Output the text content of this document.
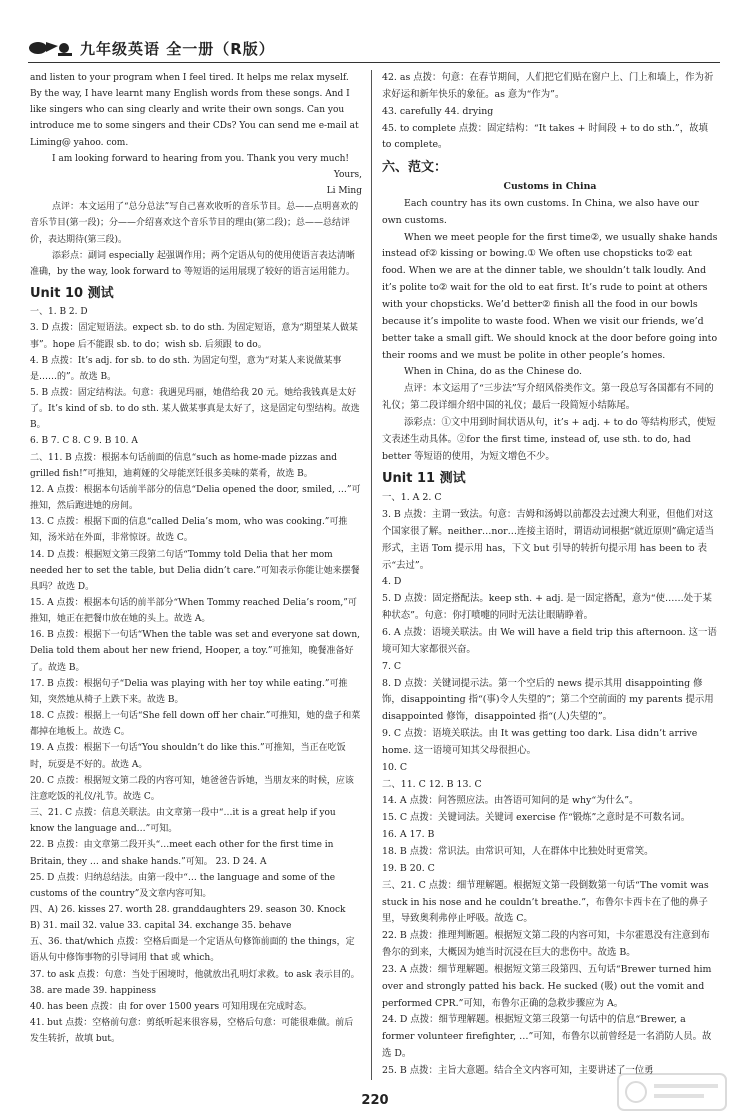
九年级英语 全一册（R版）

and listen to your program when I feel tired. It helps me relax myself. By the way, I have learnt many English words from these songs. And I like singers who can sing clearly and write their own songs. Can you introduce me to some singers and their CDs? You can send me e-mail at Liming@ yahoo. com.

I am looking forward to hearing from you. Thank you very much!

Yours,

Li Ming

点评：本文运用了“总分总法”写自己喜欢收听的音乐节目。总——点明喜欢的音乐节目(第一段)；分——介绍喜欢这个音乐节目的理由(第二段)；总——总结评价，表达期待(第三段)。

添彩点：副词 especially 起强调作用；两个定语从句的使用使语言表达清晰准确，by the way, look forward to 等短语的运用展现了较好的语言运用能力。

Unit 10 测试

一、1. B 2. D

3. D 点拨：固定短语法。expect sb. to do sth. 为固定短语，意为“期望某人做某事”。hope 后不能跟 sb. to do；wish sb. 后须跟 to do。

4. B 点拨：It’s adj. for sb. to do sth. 为固定句型，意为“对某人来说做某事是……的”。故选 B。

5. B 点拨：固定结构法。句意：我遇见玛丽，她借给我 20 元。她给我钱真是太好了。It’s kind of sb. to do sth. 某人做某事真是太好了，这是固定句型结构。故选 B。

6. B 7. C 8. C 9. B 10. A

二、11. B 点拨：根据本句话前面的信息“such as home-made pizzas and grilled fish!”可推知，迪莉娅的父母能烹饪很多美味的菜肴，故选 B。

12. A 点拨：根据本句话前半部分的信息“Delia opened the door, smiled, …”可推知，然后跑进她的房间。

13. C 点拨：根据下面的信息“called Delia’s mom, who was cooking.”可推知，汤米站在外面，非常惊讶。故选 C。

14. D 点拨：根据短文第三段第二句话“Tommy told Delia that her mom needed her to set the table, but Delia didn’t care.”可知表示你能让她来摆餐具吗？故选 D。

15. A 点拨：根据本句话的前半部分“When Tommy reached Delia’s room,”可推知，她正在把餐巾放在她的头上。故选 A。

16. B 点拨：根据下一句话“When the table was set and everyone sat down, Delia told them about her new friend, Hooper, a toy.”可推知，晚餐准备好了。故选 B。

17. B 点拨：根据句子“Delia was playing with her toy while eating.”可推知，突然她从椅子上跌下来。故选 B。

18. C 点拨：根据上一句话“She fell down off her chair.”可推知，她的盘子和菜都掉在地板上。故选 C。

19. A 点拨：根据下一句话“You shouldn’t do like this.”可推知，当正在吃饭时，玩耍是不好的。故选 A。

20. C 点拨：根据短文第二段的内容可知，她爸爸告诉她，当朋友来的时候，应该注意吃饭的礼仪/礼节。故选 C。

三、21. C 点拨：信息关联法。由文章第一段中“…it is a great help if you know the language and…”可知。

22. B 点拨：由文章第二段开头“…meet each other for the first time in Britain, they … and shake hands.”可知。 23. D 24. A

25. D 点拨：归纳总结法。由第一段中“… the language and some of the customs of the country”及文章内容可知。

四、A) 26. kisses 27. worth 28. granddaughters 29. season 30. Knock

B) 31. mail 32. value 33. capital 34. exchange 35. behave

五、36. that/which 点拨：空格后面是一个定语从句修饰前面的 the things，定语从句中修饰事物的引导词用 that 或 which。

37. to ask 点拨：句意：当处于困境时，他就放出孔明灯求救。to ask 表示目的。

38. are made 39. happiness

40. has been 点拨：由 for over 1500 years 可知用现在完成时态。

41. but 点拨：空格前句意：剪纸听起来很容易，空格后句意：可能很难做。前后发生转折，故填 but。

42. as 点拨：句意：在春节期间，人们把它们贴在窗户上、门上和墙上，作为祈求好运和新年快乐的象征。as 意为“作为”。

43. carefully 44. drying

45. to complete 点拨：固定结构：“It takes + 时间段 + to do sth.”，故填 to complete。

六、范文：

Customs in China

Each country has its own customs. In China, we also have our own customs.

When we meet people for the first time②, we usually shake hands instead of② kissing or bowing.① We often use chopsticks to② eat food. When we are at the dinner table, we shouldn’t talk loudly. And it’s polite to② wait for the old to eat first. It’s rude to point at others with your chopsticks. We’d better② finish all the food in our bowls because it’s impolite to waste food. When we visit our friends, we’d better take a small gift. We should knock at the door before going into their rooms and we must be polite in other people’s homes.

When in China, do as the Chinese do.

点评：本文运用了“三步法”写介绍风俗类作文。第一段总写各国都有不同的礼仪；第二段详细介绍中国的礼仪；最后一段简短小结陈尾。

添彩点：①文中用到时间状语从句，it’s + adj. + to do 等结构形式，使短文表述生动具体。②for the first time, instead of, use sth. to do, had better 等短语的使用，为短文增色不少。

Unit 11 测试

一、1. A 2. C

3. B 点拨：主谓一致法。句意：吉姆和汤姆以前都没去过澳大利亚，但他们对这个国家很了解。neither…nor…连接主语时，谓语动词根据“就近原则”确定适当形式，主语 Tom 提示用 has，下文 but 引导的转折句提示用 has been to 表示“去过”。

4. D

5. D 点拨：固定搭配法。keep sth. + adj. 是一固定搭配，意为“使……处于某种状态”。句意：你打喷嚏的同时无法让眼睛睁着。

6. A 点拨：语境关联法。由 We will have a field trip this afternoon. 这一语境可知大家都很兴奋。

7. C

8. D 点拨：关键词提示法。第一个空后的 news 提示其用 disappointing 修饰，disappointing 指“(事)令人失望的”；第二个空前面的 my parents 提示用 disappointed 修饰，disappointed 指“(人)失望的”。

9. C 点拨：语境关联法。由 It was getting too dark. Lisa didn’t arrive home. 这一语境可知其父母很担心。

10. C

二、11. C 12. B 13. C

14. A 点拨：问答照应法。由答语可知问的是 why“为什么”。

15. C 点拨：关键词法。关键词 exercise 作“锻炼”之意时是不可数名词。

16. A 17. B

18. B 点拨：常识法。由常识可知，人在群体中比独处时更常笑。

19. B 20. C

三、21. C 点拨：细节理解题。根据短文第一段倒数第一句话“The vomit was stuck in his nose and he couldn’t breathe.”，布鲁尔卡西卡在了他的鼻子里，导致奥利弗停止呼吸。故选 C。

22. B 点拨：推理判断题。根据短文第二段的内容可知，卡尔霍恩没有注意到布鲁尔的到来，大概因为她当时沉浸在巨大的悲伤中。故选 B。

23. A 点拨：细节理解题。根据短文第三段第四、五句话“Brewer turned him over and strongly patted his back. He sucked (吸) out the vomit and performed CPR.”可知，布鲁尔正确的急救步骤应为 A。

24. D 点拨：细节理解题。根据短文第三段第一句话中的信息“Brewer, a former volunteer firefighter, …”可知，布鲁尔以前曾经是一名消防人员。故选 D。

25. B 点拨：主旨大意题。结合全文内容可知，主要讲述了一位勇

220
